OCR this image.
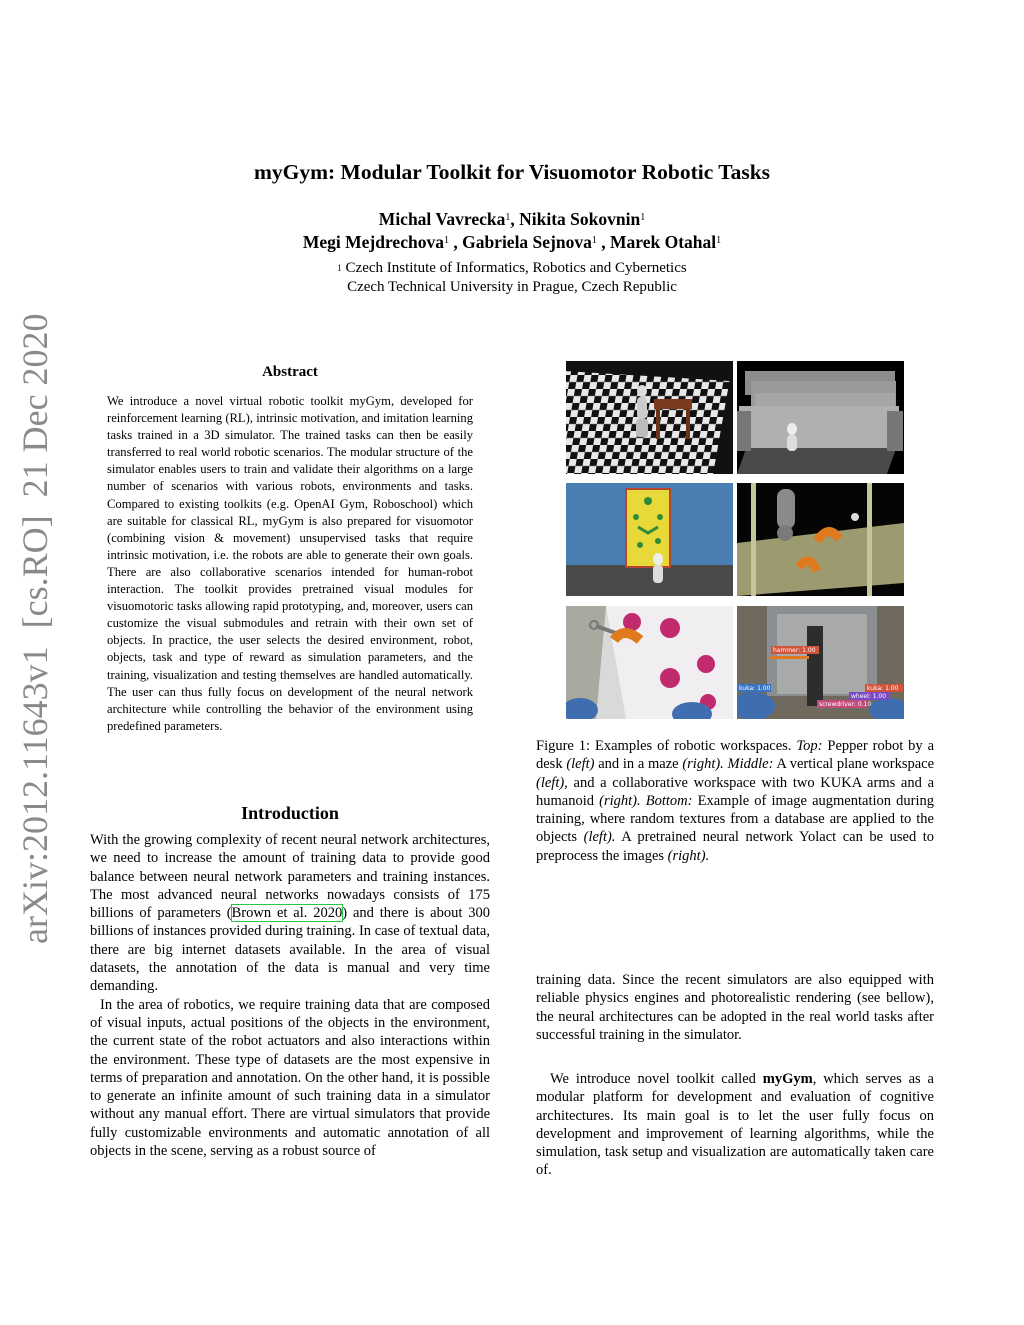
myGym: Modular Toolkit for Visuomotor Robotic Tasks
Michal Vavrecka$^1$, Nikita Sokovnin$^1$
Megi Mejdrechova$^1$ , Gabriela Sejnova$^1$ , Marek Otahal$^1$
$^1$ Czech Institute of Informatics, Robotics and Cybernetics
Czech Technical University in Prague, Czech Republic
arXiv:2012.11643v1  [cs.RO]  21 Dec 2020	Abstract
We introduce a novel virtual robotic toolkit myGym, developed for reinforcement learning (RL), intrinsic motivation, and imitation learning tasks trained in a 3D simulator. The trained tasks can then be easily transferred to real world robotic scenarios. The modular structure of the simulator enables users to train and validate their algorithms on a large number of scenarios with various robots, environments and tasks. Compared to existing toolkits (e.g. OpenAI Gym, Roboschool) which are suitable for classical RL, myGym is also prepared for visuomotor (combining vision & movement) unsupervised tasks that require intrinsic motivation, i.e. the robots are able to generate their own goals. There are also collaborative scenarios intended for human-robot interaction. The toolkit provides pretrained visual modules for visuomotoric tasks allowing rapid prototyping, and, moreover, users can customize the visual submodules and retrain with their own set of objects. In practice, the user selects the desired environment, robot, objects, task and type of reward as simulation parameters, and the training, visualization and testing themselves are handled automatically. The user can thus fully focus on development of the neural network architecture while controlling the behavior of the environment using predefined parameters.
Introduction

With the growing complexity of recent neural network architectures, we need to increase the amount of training data to provide good balance between neural network parameters and training instances. The most advanced neural networks nowadays consists of 175 billions of parameters (Brown et al. 2020) and there is about 300 billions of instances provided during training. In case of textual data, there are big internet datasets available. In the area of visual datasets, the annotation of the data is manual and very time demanding.

In the area of robotics, we require training data that are composed of visual inputs, actual positions of the objects in the environment, the current state of the robot actuators and also interactions within the environment. These type of datasets are the most expensive in terms of preparation and annotation. On the other hand, it is possible to generate an infinite amount of such training data in a simulator without any manual effort. There are virtual simulators that provide fully customizable environments and automatic annotation of all objects in the scene, serving as a robust source of

hammer: 1.00
kuka: 1.00	kuka: 1.00
wheel: 1.00
screwdriver: 0.10
Figure 1: Examples of robotic workspaces. Top: Pepper robot by a desk (left) and in a maze (right). Middle: A vertical plane workspace (left), and a collaborative workspace with two KUKA arms and a humanoid (right). Bottom: Example of image augmentation during training, where random textures from a database are applied to the objects (left). A pretrained neural network Yolact can be used to preprocess the images (right).
training data. Since the recent simulators are also equipped with reliable physics engines and photorealistic rendering (see bellow), the neural architectures can be adopted in the real world tasks after successful training in the simulator.
We introduce novel toolkit called myGym, which serves as a modular platform for development and evaluation of cognitive architectures. Its main goal is to let the user fully focus on development and improvement of learning algorithms, while the simulation, task setup and visualization are automatically taken care of.
